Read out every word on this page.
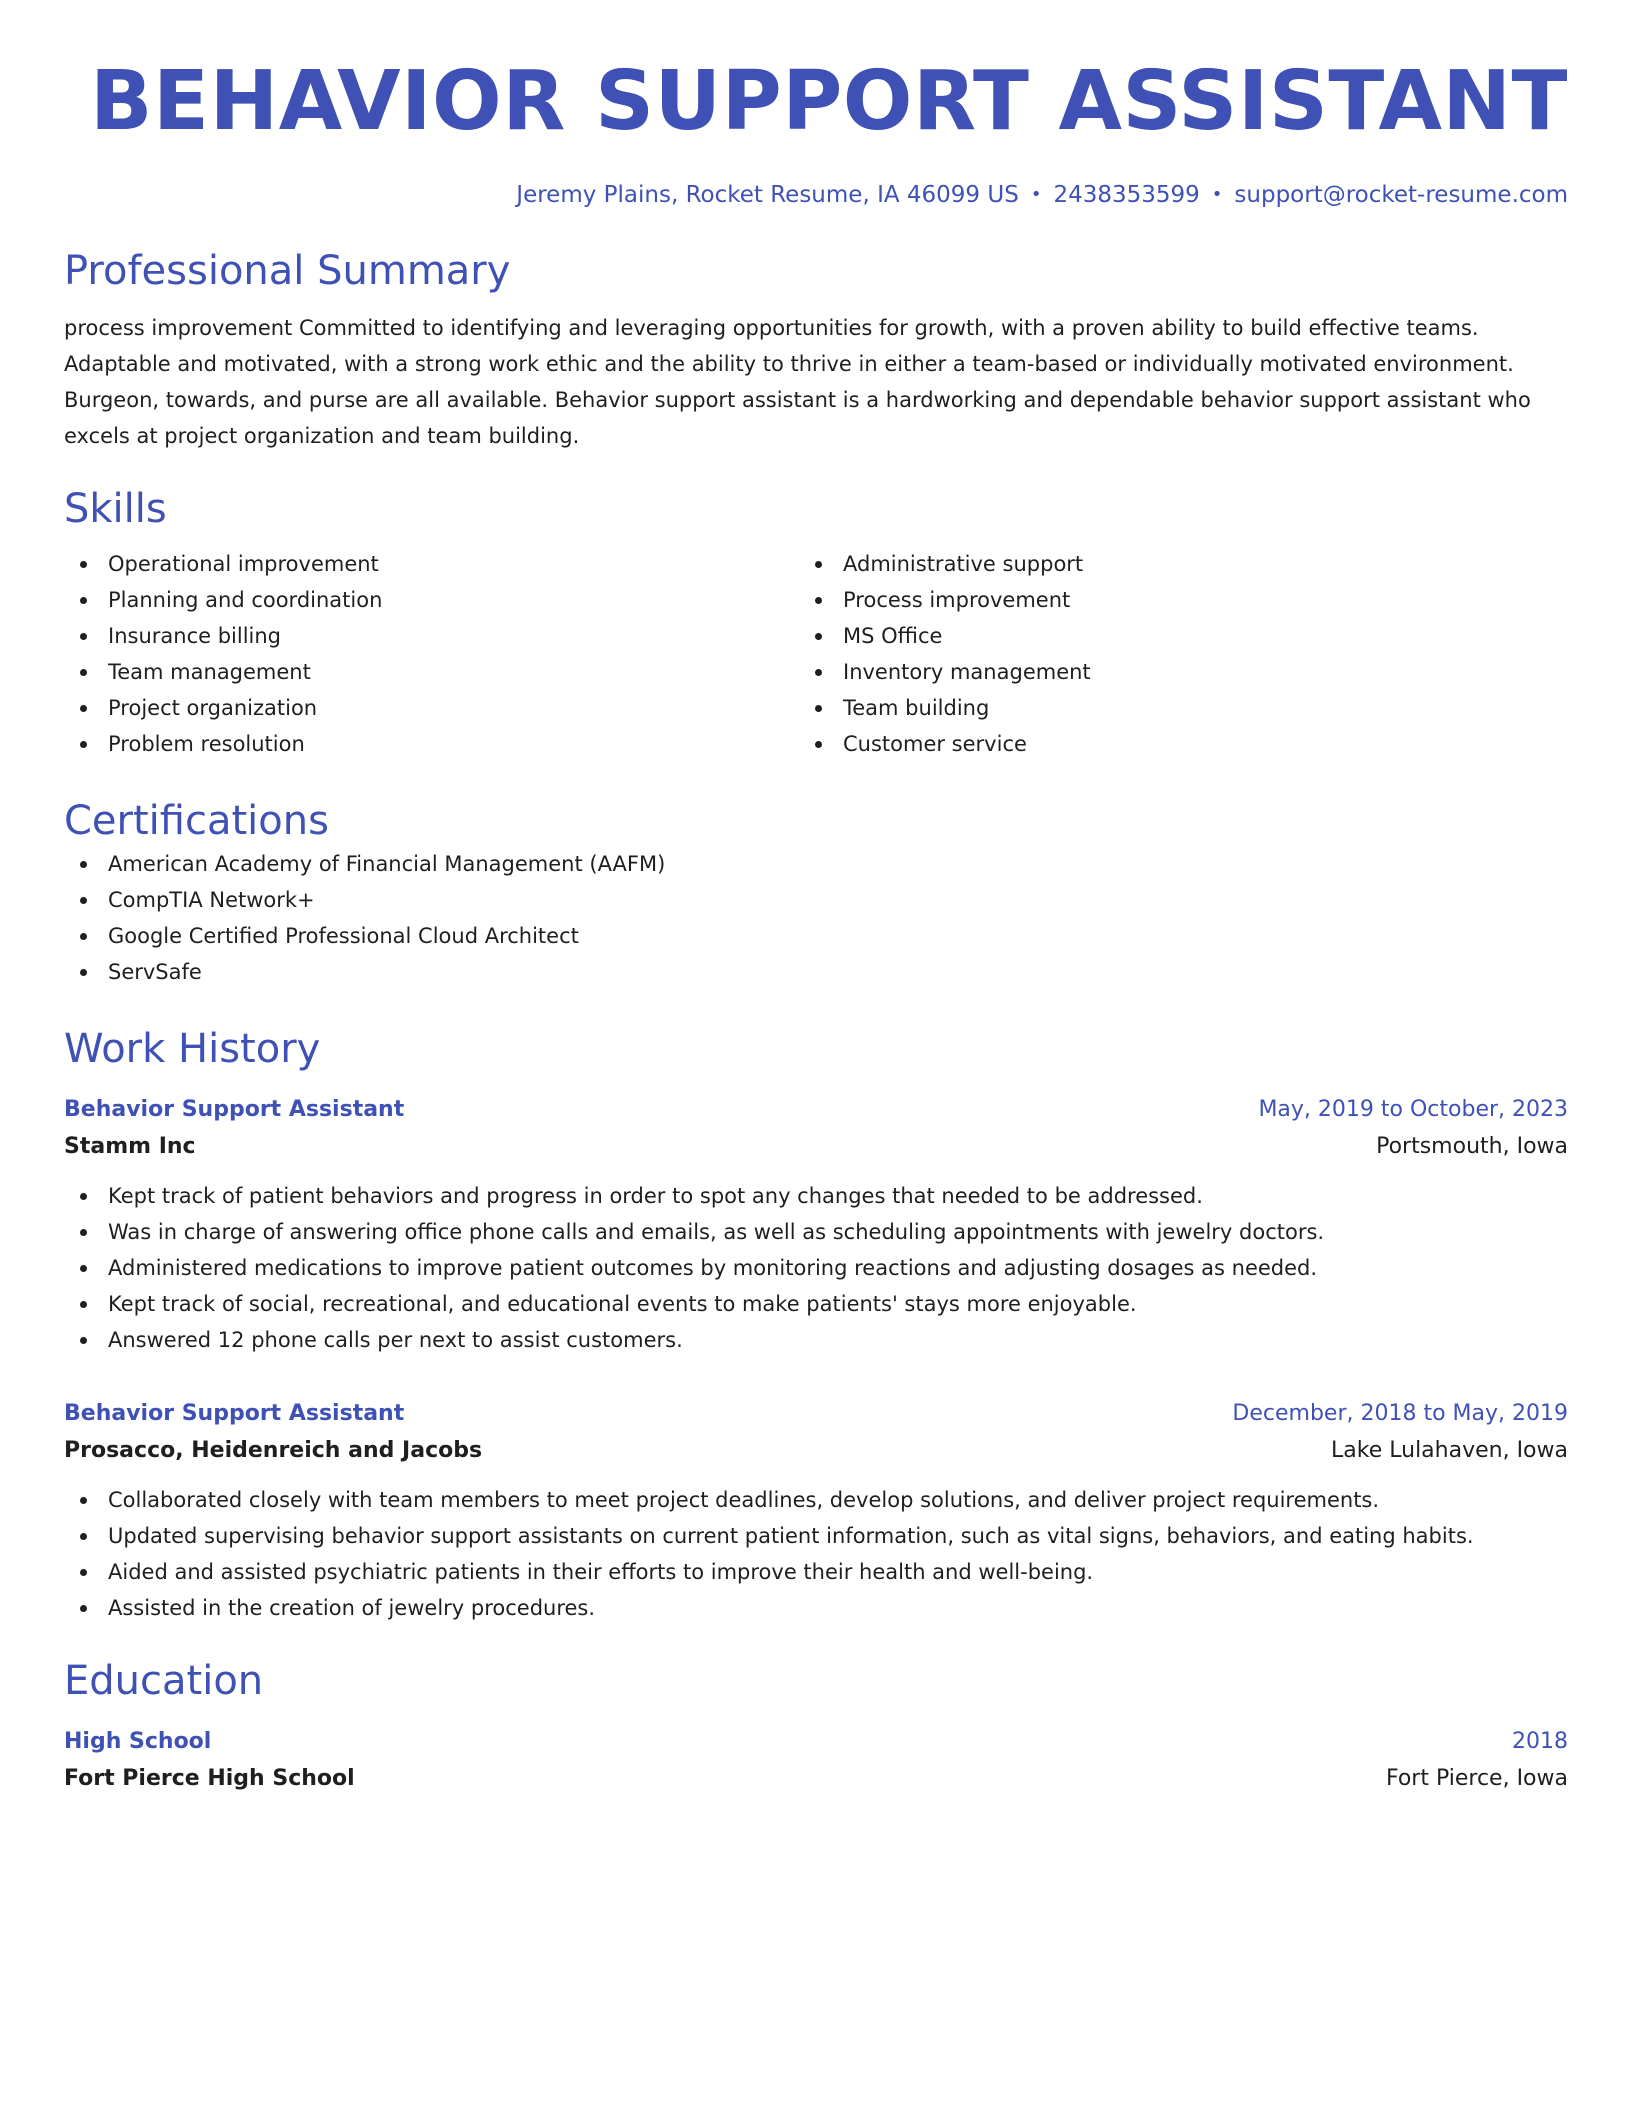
BEHAVIOR SUPPORT ASSISTANT
Jeremy Plains, Rocket Resume, IA 46099 US • 2438353599 • support@rocket-resume.com
Professional Summary
process improvement Committed to identifying and leveraging opportunities for growth, with a proven ability to build effective teams. Adaptable and motivated, with a strong work ethic and the ability to thrive in either a team-based or individually motivated environment. Burgeon, towards, and purse are all available. Behavior support assistant is a hardworking and dependable behavior support assistant who excels at project organization and team building.
Skills
Operational improvement
Planning and coordination
Insurance billing
Team management
Project organization
Problem resolution
Administrative support
Process improvement
MS Office
Inventory management
Team building
Customer service
Certifications
American Academy of Financial Management (AAFM)
CompTIA Network+
Google Certified Professional Cloud Architect
ServSafe
Work History
Behavior Support Assistant	May, 2019 to October, 2023
Stamm Inc	Portsmouth, Iowa
Kept track of patient behaviors and progress in order to spot any changes that needed to be addressed.
Was in charge of answering office phone calls and emails, as well as scheduling appointments with jewelry doctors.
Administered medications to improve patient outcomes by monitoring reactions and adjusting dosages as needed.
Kept track of social, recreational, and educational events to make patients' stays more enjoyable.
Answered 12 phone calls per next to assist customers.
Behavior Support Assistant	December, 2018 to May, 2019
Prosacco, Heidenreich and Jacobs	Lake Lulahaven, Iowa
Collaborated closely with team members to meet project deadlines, develop solutions, and deliver project requirements.
Updated supervising behavior support assistants on current patient information, such as vital signs, behaviors, and eating habits.
Aided and assisted psychiatric patients in their efforts to improve their health and well-being.
Assisted in the creation of jewelry procedures.
Education
High School	2018
Fort Pierce High School	Fort Pierce, Iowa
